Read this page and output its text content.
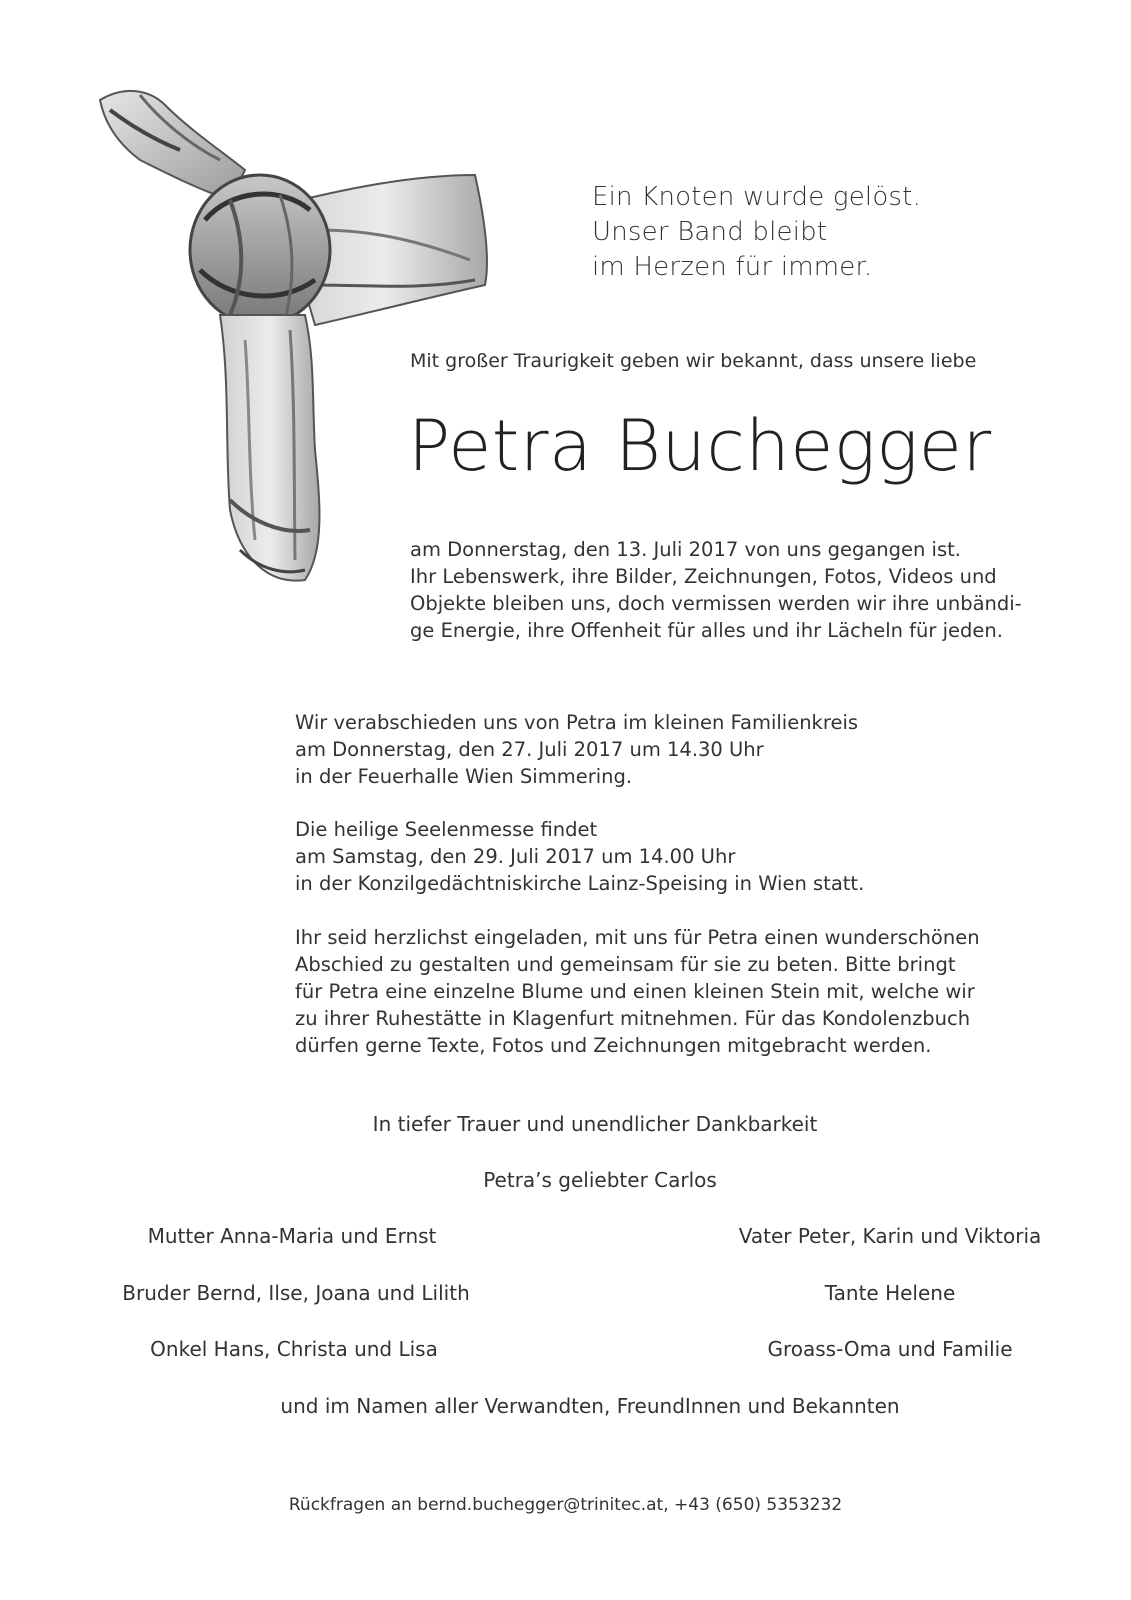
Ein Knoten wurde gelöst.
Unser Band bleibt
im Herzen für immer.
Mit großer Traurigkeit geben wir bekannt, dass unsere liebe
Petra Buchegger
am Donnerstag, den 13. Juli 2017 von uns gegangen ist.
Ihr Lebenswerk, ihre Bilder, Zeichnungen, Fotos, Videos und
Objekte bleiben uns, doch vermissen werden wir ihre unbändi-
ge Energie, ihre Offenheit für alles und ihr Lächeln für jeden.
Wir verabschieden uns von Petra im kleinen Familienkreis
am Donnerstag, den 27. Juli 2017 um 14.30 Uhr
in der Feuerhalle Wien Simmering.
Die heilige Seelenmesse findet
am Samstag, den 29. Juli 2017 um 14.00 Uhr
in der Konzilgedächtniskirche Lainz-Speising in Wien statt.
Ihr seid herzlichst eingeladen, mit uns für Petra einen wunderschönen
Abschied zu gestalten und gemeinsam für sie zu beten. Bitte bringt
für Petra eine einzelne Blume und einen kleinen Stein mit, welche wir
zu ihrer Ruhestätte in Klagenfurt mitnehmen. Für das Kondolenzbuch
dürfen gerne Texte, Fotos und Zeichnungen mitgebracht werden.
In tiefer Trauer und unendlicher Dankbarkeit
Petra’s geliebter Carlos
Mutter Anna-Maria und Ernst
Bruder Bernd, Ilse, Joana und Lilith
Onkel Hans, Christa und Lisa
Vater Peter, Karin und Viktoria
Tante Helene
Groass-Oma und Familie
und im Namen aller Verwandten, FreundInnen und Bekannten
Rückfragen an bernd.buchegger@trinitec.at, +43 (650) 5353232
